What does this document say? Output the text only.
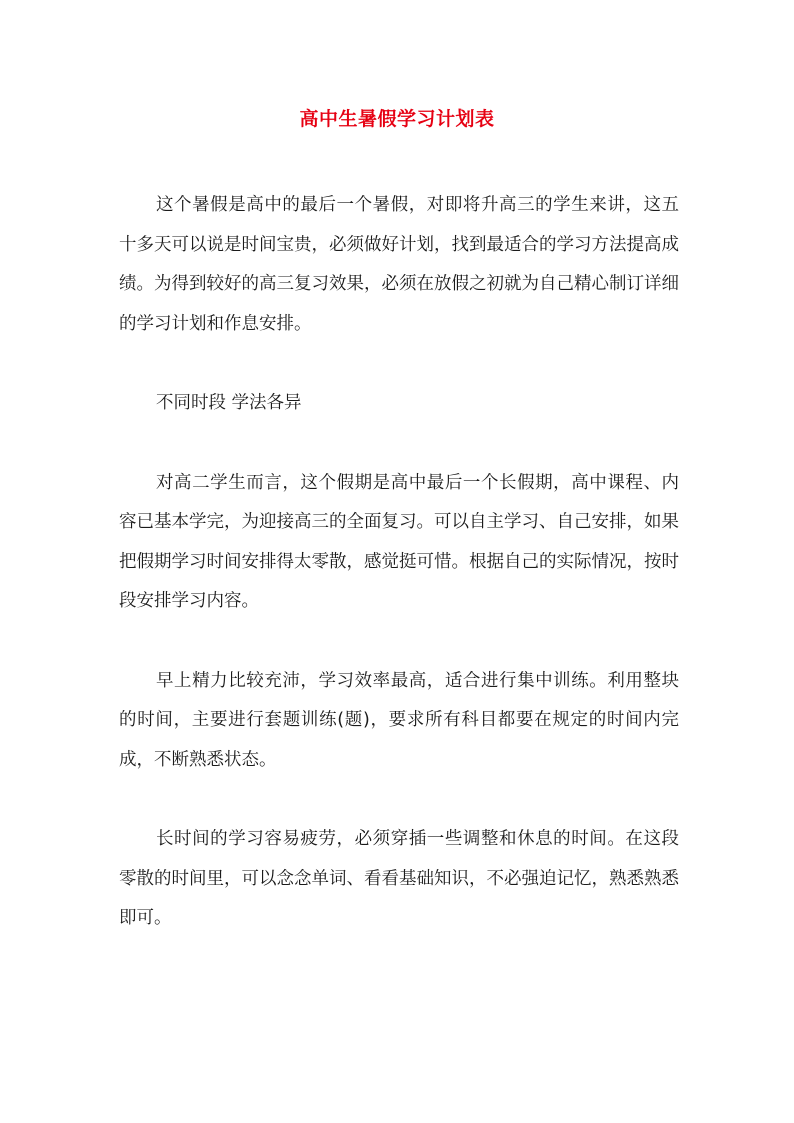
高中生暑假学习计划表

这个暑假是高中的最后一个暑假，对即将升高三的学生来讲，这五十多天可以说是时间宝贵，必须做好计划，找到最适合的学习方法提高成绩。为得到较好的高三复习效果，必须在放假之初就为自己精心制订详细的学习计划和作息安排。

不同时段 学法各异

对高二学生而言，这个假期是高中最后一个长假期，高中课程、内容已基本学完，为迎接高三的全面复习。可以自主学习、自己安排，如果把假期学习时间安排得太零散，感觉挺可惜。根据自己的实际情况，按时段安排学习内容。

早上精力比较充沛，学习效率最高，适合进行集中训练。利用整块的时间，主要进行套题训练(题)，要求所有科目都要在规定的时间内完成，不断熟悉状态。

长时间的学习容易疲劳，必须穿插一些调整和休息的时间。在这段零散的时间里，可以念念单词、看看基础知识，不必强迫记忆，熟悉熟悉即可。
